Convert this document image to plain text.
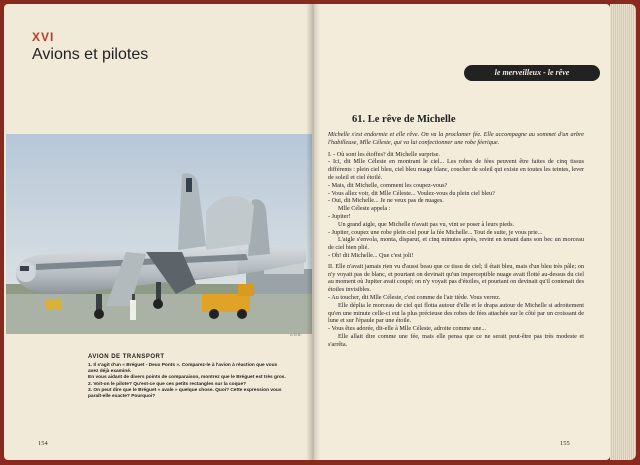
XVI
Avions et pilotes
A.N.B.
AVION DE TRANSPORT

1. Il s'agit d'un « Bréguet - Deux Ponts ». Comparez-le à l'avion à réaction que vous avez déjà examiné.

En vous aidant de divers points de comparaison, montrez que le Bréguet est très gros.

2. Voit-on le pilote? Qu'est-ce que ces petits rectangles sur la coque?

3. On peut dire que le Bréguet « avale » quelque chose. Quoi? Cette expression vous paraît-elle exacte? Pourquoi?

154
le merveilleux - le rêve
61. Le rêve de Michelle

Michelle s'est endormie et elle rêve. On va la proclamer fée. Elle accompagne au sommet d'un arbre l'habilleuse, Mlle Céleste, qui va lui confectionner une robe féerique.

I. - Où sont les étoffes? dit Michelle surprise.

- Ici, dit Mlle Céleste en montrant le ciel... Les robes de fées peuvent être faites de cinq tissus différents : plein ciel bleu, ciel bleu nuage blanc, coucher de soleil qui existe en toutes les teintes, lever de soleil et ciel étoilé.

- Mais, dit Michelle, comment les coupez-vous?

- Vous allez voir, dit Mlle Céleste... Voulez-vous du plein ciel bleu?

- Oui, dit Michelle... Je ne veux pas de nuages.

Mlle Céleste appela :

- Jupiter!

Un grand aigle, que Michelle n'avait pas vu, vint se poser à leurs pieds.

- Jupiter, coupez une robe plein ciel pour la fée Michelle... Tout de suite, je vous prie...

L'aigle s'envola, monta, disparut, et cinq minutes après, revint en tenant dans son bec un morceau de ciel bien plié.

- Oh! dit Michelle... Que c'est joli!

II. Elle n'avait jamais rien vu d'aussi beau que ce tissu de ciel; il était bleu, mais d'un bleu très pâle; on n'y voyait pas de blanc, et pourtant on devinait qu'un imperceptible nuage avait flotté au-dessus du ciel au moment où Jupiter avait coupé; on n'y voyait pas d'étoiles, et pourtant on devinait qu'il contenait des étoiles invisibles.

- Au toucher, dit Mlle Céleste, c'est comme de l'air tiède. Vous verrez.

Elle déplia le morceau de ciel qui flotta autour d'elle et le drapa autour de Michelle si adroitement qu'en une minute celle-ci eut la plus précieuse des robes de fées attachée sur le côté par un croissant de lune et sur l'épaule par une étoile.

- Vous êtes adorée, dit-elle à Mlle Céleste, adroite comme une...

Elle allait dire comme une fée, mais elle pensa que ce ne serait peut-être pas très modeste et s'arrêta.

155
